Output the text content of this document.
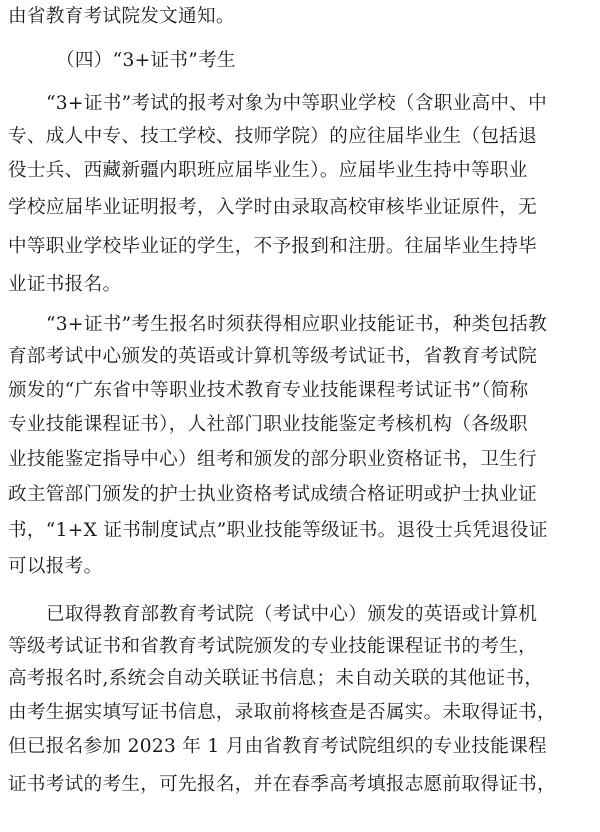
由省教育考试院发文通知。
（四）“3+证书”考生
“3+证书”考试的报考对象为中等职业学校（含职业高中、中
专、成人中专、技工学校、技师学院）的应往届毕业生（包括退
役士兵、西藏新疆内职班应届毕业生）。应届毕业生持中等职业
学校应届毕业证明报考，入学时由录取高校审核毕业证原件，无
中等职业学校毕业证的学生，不予报到和注册。往届毕业生持毕
业证书报名。
“3+证书”考生报名时须获得相应职业技能证书，种类包括教
育部考试中心颁发的英语或计算机等级考试证书，省教育考试院
颁发的“广东省中等职业技术教育专业技能课程考试证书”（简称
专业技能课程证书），人社部门职业技能鉴定考核机构（各级职
业技能鉴定指导中心）组考和颁发的部分职业资格证书，卫生行
政主管部门颁发的护士执业资格考试成绩合格证明或护士执业证
书，“1+X 证书制度试点”职业技能等级证书。退役士兵凭退役证
可以报考。
已取得教育部教育考试院（考试中心）颁发的英语或计算机
等级考试证书和省教育考试院颁发的专业技能课程证书的考生，
高考报名时,系统会自动关联证书信息；未自动关联的其他证书，
由考生据实填写证书信息，录取前将核查是否属实。未取得证书，
但已报名参加 2023 年 1 月由省教育考试院组织的专业技能课程
证书考试的考生，可先报名，并在春季高考填报志愿前取得证书，
